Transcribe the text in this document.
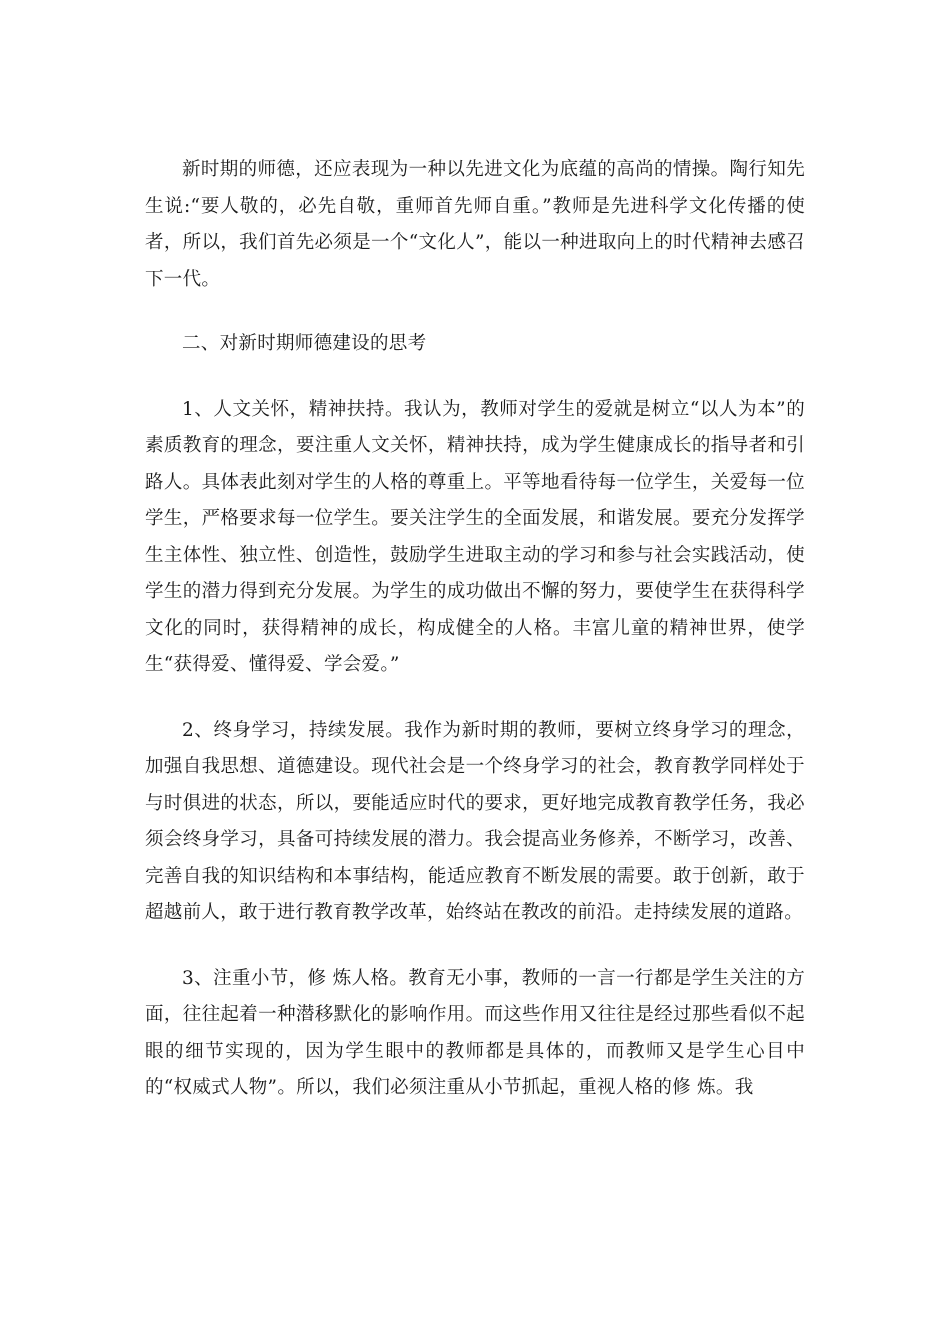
新时期的师德，还应表现为一种以先进文化为底蕴的高尚的情操。陶行知先生说:“要人敬的，必先自敬，重师首先师自重。”教师是先进科学文化传播的使者，所以，我们首先必须是一个“文化人”，能以一种进取向上的时代精神去感召下一代。

二、对新时期师德建设的思考

1、人文关怀，精神扶持。我认为，教师对学生的爱就是树立“以人为本”的素质教育的理念，要注重人文关怀，精神扶持，成为学生健康成长的指导者和引路人。具体表此刻对学生的人格的尊重上。平等地看待每一位学生，关爱每一位学生，严格要求每一位学生。要关注学生的全面发展，和谐发展。要充分发挥学生主体性、独立性、创造性，鼓励学生进取主动的学习和参与社会实践活动，使学生的潜力得到充分发展。为学生的成功做出不懈的努力，要使学生在获得科学文化的同时，获得精神的成长，构成健全的人格。丰富儿童的精神世界，使学生“获得爱、懂得爱、学会爱。”

2、终身学习，持续发展。我作为新时期的教师，要树立终身学习的理念，加强自我思想、道德建设。现代社会是一个终身学习的社会，教育教学同样处于与时俱进的状态，所以，要能适应时代的要求，更好地完成教育教学任务，我必须会终身学习，具备可持续发展的潜力。我会提高业务修养，不断学习，改善、完善自我的知识结构和本事结构，能适应教育不断发展的需要。敢于创新，敢于超越前人，敢于进行教育教学改革，始终站在教改的前沿。走持续发展的道路。

3、注重小节，修 炼人格。教育无小事，教师的一言一行都是学生关注的方面，往往起着一种潜移默化的影响作用。而这些作用又往往是经过那些看似不起眼的细节实现的，因为学生眼中的教师都是具体的，而教师又是学生心目中的“权威式人物”。所以，我们必须注重从小节抓起，重视人格的修 炼。我
